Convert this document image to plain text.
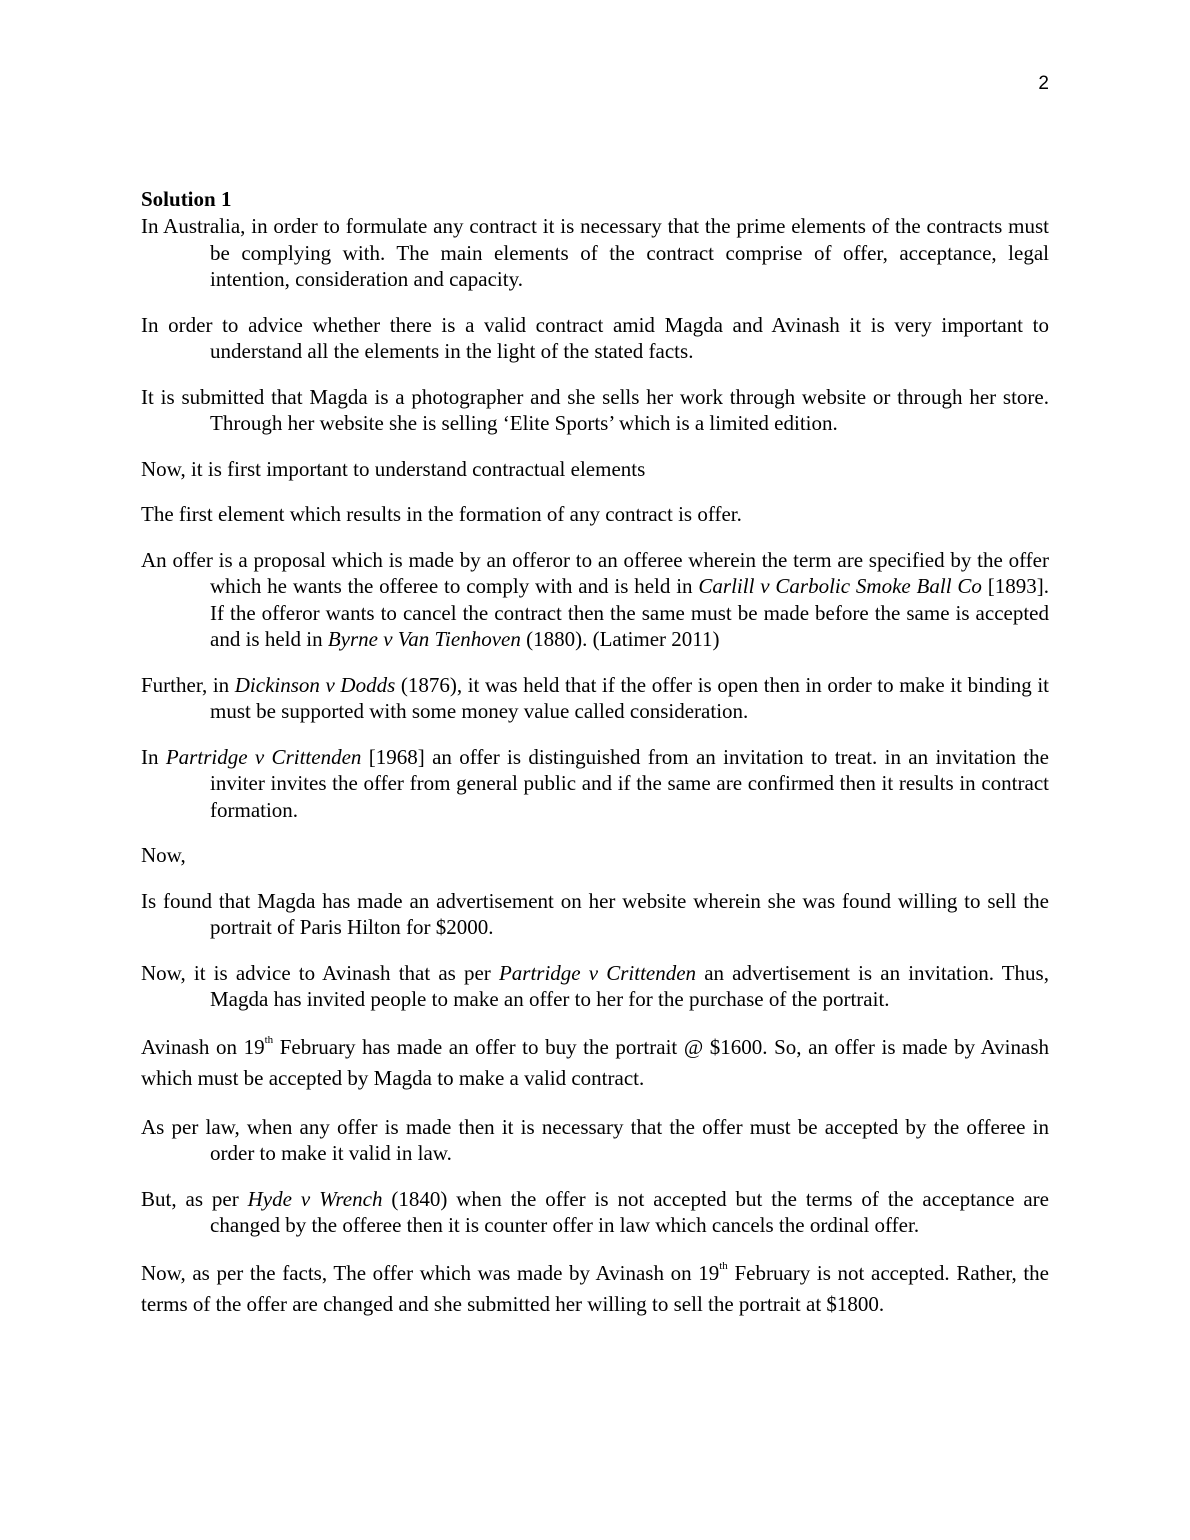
2

Solution 1

In Australia, in order to formulate any contract it is necessary that the prime elements of the contracts must be complying with. The main elements of the contract comprise of offer, acceptance, legal intention, consideration and capacity.

In order to advice whether there is a valid contract amid Magda and Avinash it is very important to understand all the elements in the light of the stated facts.

It is submitted that Magda is a photographer and she sells her work through website or through her store. Through her website she is selling ‘Elite Sports’ which is a limited edition.

Now, it is first important to understand contractual elements

The first element which results in the formation of any contract is offer.

An offer is a proposal which is made by an offeror to an offeree wherein the term are specified by the offer which he wants the offeree to comply with and is held in Carlill v Carbolic Smoke Ball Co [1893]. If the offeror wants to cancel the contract then the same must be made before the same is accepted and is held in Byrne v Van Tienhoven (1880). (Latimer 2011)

Further, in Dickinson v Dodds (1876), it was held that if the offer is open then in order to make it binding it must be supported with some money value called consideration.

In Partridge v Crittenden [1968] an offer is distinguished from an invitation to treat. in an invitation the inviter invites the offer from general public and if the same are confirmed then it results in contract formation.

Now,

Is found that Magda has made an advertisement on her website wherein she was found willing to sell the portrait of Paris Hilton for $2000.

Now, it is advice to Avinash that as per Partridge v Crittenden an advertisement is an invitation. Thus, Magda has invited people to make an offer to her for the purchase of the portrait.

Avinash on 19th February has made an offer to buy the portrait @ $1600. So, an offer is made by Avinash which must be accepted by Magda to make a valid contract.

As per law, when any offer is made then it is necessary that the offer must be accepted by the offeree in order to make it valid in law.

But, as per Hyde v Wrench (1840) when the offer is not accepted but the terms of the acceptance are changed by the offeree then it is counter offer in law which cancels the ordinal offer.

Now, as per the facts, The offer which was made by Avinash on 19th February is not accepted. Rather, the terms of the offer are changed and she submitted her willing to sell the portrait at $1800.
